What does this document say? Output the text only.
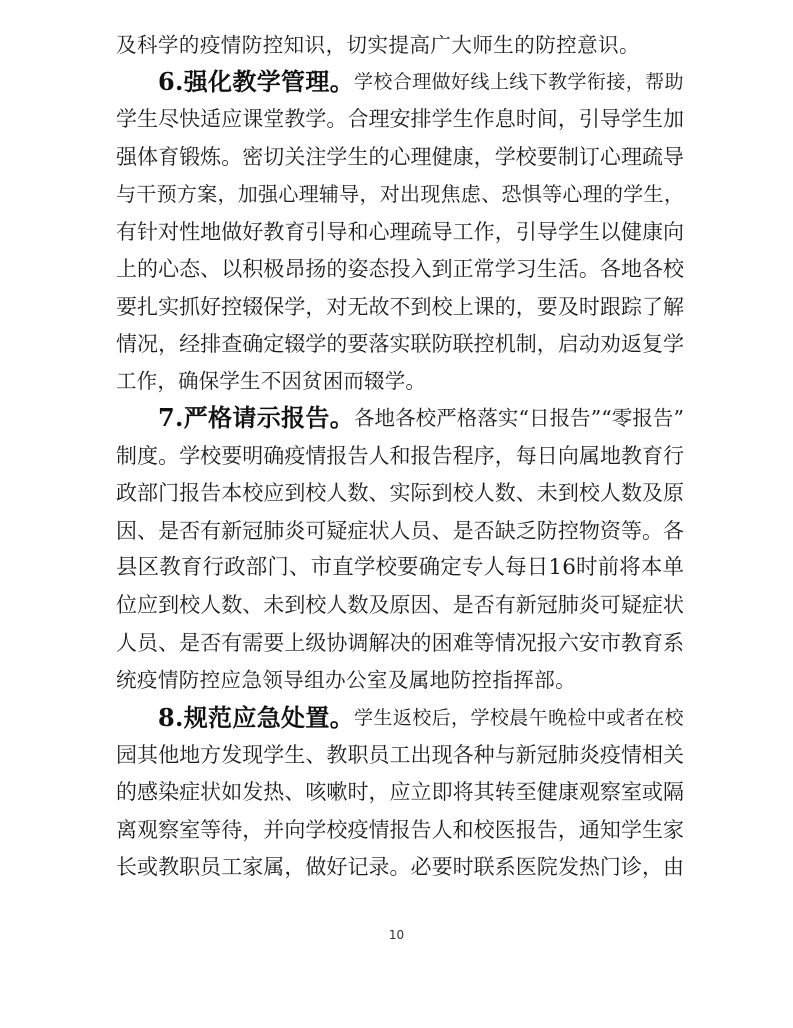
及科学的疫情防控知识，切实提高广大师生的防控意识。
6.强化教学管理。 学校合理做好线上线下教学衔接，帮助
学生尽快适应课堂教学。合理安排学生作息时间，引导学生加
强体育锻炼。密切关注学生的心理健康，学校要制订心理疏导
与干预方案，加强心理辅导，对出现焦虑、恐惧等心理的学生，
有针对性地做好教育引导和心理疏导工作，引导学生以健康向
上的心态、以积极昂扬的姿态投入到正常学习生活。各地各校
要扎实抓好控辍保学，对无故不到校上课的，要及时跟踪了解
情况，经排查确定辍学的要落实联防联控机制，启动劝返复学
工作，确保学生不因贫困而辍学。
7.严格请示报告。 各地各校严格落实“日报告”“零报告”
制度。学校要明确疫情报告人和报告程序，每日向属地教育行
政部门报告本校应到校人数、实际到校人数、未到校人数及原
因、是否有新冠肺炎可疑症状人员、是否缺乏防控物资等。各
县区教育行政部门、市直学校要确定专人每日16时前将本单
位应到校人数、未到校人数及原因、是否有新冠肺炎可疑症状
人员、是否有需要上级协调解决的困难等情况报六安市教育系
统疫情防控应急领导组办公室及属地防控指挥部。
8.规范应急处置。 学生返校后，学校晨午晚检中或者在校
园其他地方发现学生、教职员工出现各种与新冠肺炎疫情相关
的感染症状如发热、咳嗽时，应立即将其转至健康观察室或隔
离观察室等待，并向学校疫情报告人和校医报告，通知学生家
长或教职员工家属，做好记录。必要时联系医院发热门诊，由
10
